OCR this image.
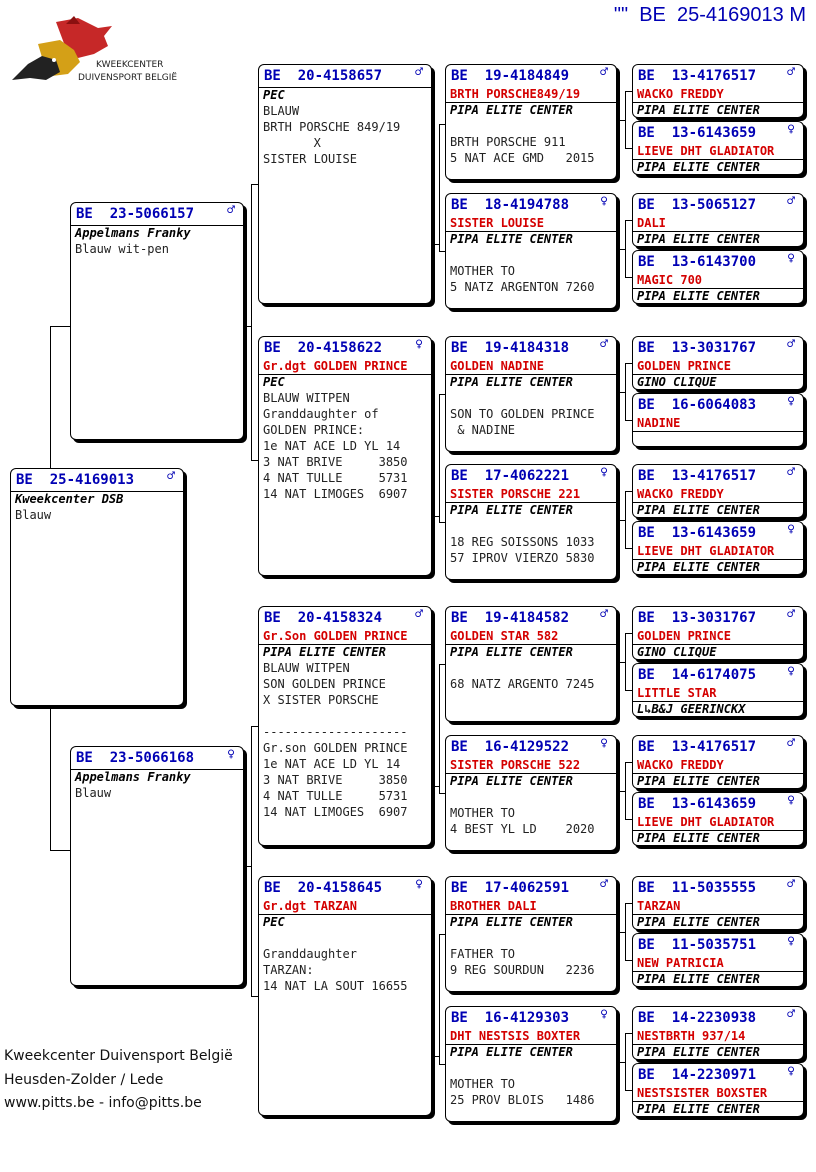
KWEEKCENTER
DUIVENSPORT BELGIË
""  BE  25-4169013 M
BE  25-4169013	♂
Kweekcenter DSB
Blauw
BE  23-5066157	♂
Appelmans Franky
Blauw wit-pen
BE  23-5066168	♀
Appelmans Franky
Blauw
BE  20-4158657	♂
PEC
BLAUW
BRTH PORSCHE 849/19
X
SISTER LOUISE
BE  20-4158622	♀
Gr.dgt GOLDEN PRINCE
PEC
BLAUW WITPEN
Granddaughter of
GOLDEN PRINCE:
1e NAT ACE LD YL 14
3 NAT BRIVE     3850
4 NAT TULLE     5731
14 NAT LIMOGES  6907
BE  20-4158324	♂
Gr.Son GOLDEN PRINCE
PIPA ELITE CENTER
BLAUW WITPEN
SON GOLDEN PRINCE
X SISTER PORSCHE
--------------------
Gr.son GOLDEN PRINCE
1e NAT ACE LD YL 14
3 NAT BRIVE     3850
4 NAT TULLE     5731
14 NAT LIMOGES  6907
BE  20-4158645	♀
Gr.dgt TARZAN
PEC
Granddaughter
TARZAN:
14 NAT LA SOUT 16655
BE  19-4184849 ♂
BRTH PORSCHE849/19
PIPA ELITE CENTER
BRTH PORSCHE 911
5 NAT ACE GMD   2015
BE  18-4194788 ♀
SISTER LOUISE
PIPA ELITE CENTER
MOTHER TO
5 NATZ ARGENTON 7260
BE  19-4184318 ♂
GOLDEN NADINE
PIPA ELITE CENTER
SON TO GOLDEN PRINCE
& NADINE
BE  17-4062221 ♀
SISTER PORSCHE 221
PIPA ELITE CENTER
18 REG SOISSONS 1033
57 IPROV VIERZO 5830
BE  19-4184582 ♂
GOLDEN STAR 582
PIPA ELITE CENTER
68 NATZ ARGENTO 7245
BE  16-4129522 ♀
SISTER PORSCHE 522
PIPA ELITE CENTER
MOTHER TO
4 BEST YL LD    2020
BE  17-4062591 ♂
BROTHER DALI
PIPA ELITE CENTER
FATHER TO
9 REG SOURDUN   2236
BE  16-4129303 ♀
DHT NESTSIS BOXTER
PIPA ELITE CENTER
MOTHER TO
25 PROV BLOIS   1486
BE  13-4176517 ♂
WACKO FREDDY
PIPA ELITE CENTER
BE  13-6143659 ♀
LIEVE DHT GLADIATOR
PIPA ELITE CENTER
BE  13-5065127 ♂
DALI
PIPA ELITE CENTER
BE  13-6143700 ♀
MAGIC 700
PIPA ELITE CENTER
BE  13-3031767 ♂
GOLDEN PRINCE
GINO CLIQUE
BE  16-6064083 ♀
NADINE
BE  13-4176517 ♂
WACKO FREDDY
PIPA ELITE CENTER
BE  13-6143659 ♀
LIEVE DHT GLADIATOR
PIPA ELITE CENTER
BE  13-3031767 ♂
GOLDEN PRINCE
GINO CLIQUE
BE  14-6174075 ♀
LITTLE STAR
L↳B&J GEERINCKX
BE  13-4176517 ♂
WACKO FREDDY
PIPA ELITE CENTER
BE  13-6143659 ♀
LIEVE DHT GLADIATOR
PIPA ELITE CENTER
BE  11-5035555 ♂
TARZAN
PIPA ELITE CENTER
BE  11-5035751 ♀
NEW PATRICIA
PIPA ELITE CENTER
BE  14-2230938 ♂
NESTBRTH 937/14
PIPA ELITE CENTER
BE  14-2230971 ♀
NESTSISTER BOXSTER
PIPA ELITE CENTER
Kweekcenter Duivensport België
Heusden-Zolder / Lede
www.pitts.be - info@pitts.be
